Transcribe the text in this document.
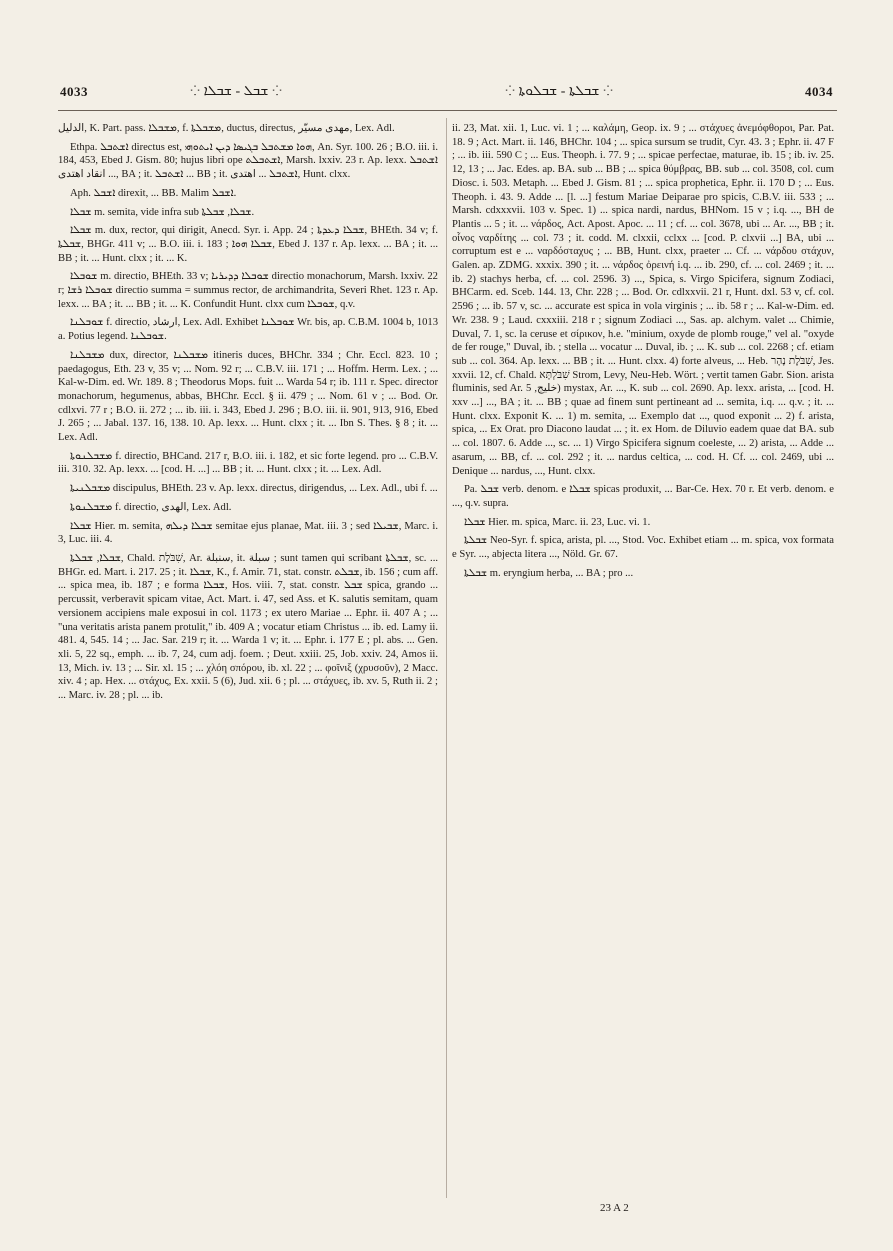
4033	⁘ ܫܒܠ - ܫܒܠܐ ⁘	⁘ ܫܒܠܬܐ - ܫܒܠܘܬܐ ⁘	4034

الدليل, K. Part. pass. ܡܫܒܠܐ, f. ܡܫܒܠܬܐ, ductus, directus, مهدى مسيّر, Lex. Adl.

Ethpa. ܐܫܬܒܠ directus est, ܗܘܐ ܡܫܬܒܠ ܒܓܝܣܐ ܕܝܢ ܐܝܬܘܗܝ, An. Syr. 100. 26 ; B.O. iii. i. 184, 453, Ebed J. Gism. 80; hujus libri ope ܐܫܬܒܠܬ, Marsh. lxxiv. 23 r. Ap. lexx. ܐܫܬܒܠ ... انقاد اهتدى, BA ; it. ܐܫܬܒܠ ... BB ; it. ܐܫܬܒܠ ... اهتدى, Hunt. clxx.

Aph. ܐܫܒܠ direxit, ... BB. Malim ܐܫܒܠ.

ܫܒܠܐ m. semita, vide infra sub ܫܒܠܐ, ܫܒܠܬܐ.

ܫܒܠܐ m. dux, rector, qui dirigit, Anecd. Syr. i. App. 24 ; ܫܒܠܐ ܕܥܕܬܐ, BHEth. 34 v; f. ܫܒܠܬܐ, BHGr. 411 v; ... B.O. iii. i. 183 ; ܫܒܠܐ ܗܘܐ, Ebed J. 137 r. Ap. lexx. ... BA ; it. ... BB ; it. ... Hunt. clxx ; it. ... K.

ܫܘܒܠܐ m. directio, BHEth. 33 v; ܫܘܒܠܐ ܕܕܝܪܝܐ directio monachorum, Marsh. lxxiv. 22 r; ܫܘܒܠܐ ܪܫܐ directio summa = summus rector, de archimandrita, Severi Rhet. 123 r. Ap. lexx. ... BA ; it. ... BB ; it. ... K. Confundit Hunt. clxx cum ܫܘܒܠܐ, q.v.

ܫܘܒܠܢܐ f. directio, ارشاد, Lex. Adl. Exhibet ܫܘܒܠܢܐ Wr. bis, ap. C.B.M. 1004 b, 1013 a. Potius legend. ܫܘܒܠܢܐ.

ܡܫܒܠܢܐ dux, director, ܡܫܒܠܢܐ itineris duces, BHChr. 334 ; Chr. Eccl. 823. 10 ; paedagogus, Eth. 23 v, 35 v; ... Nom. 92 r; ... C.B.V. iii. 171 ; ... Hoffm. Herm. Lex. ; ... Kal-w-Dim. ed. Wr. 189. 8 ; Theodorus Mops. fuit ... Warda 54 r; ib. 111 r. Spec. director monachorum, hegumenus, abbas, BHChr. Eccl. § ii. 479 ; ... Nom. 61 v ; ... Bod. Or. cdlxvi. 77 r ; B.O. ii. 272 ; ... ib. iii. i. 343, Ebed J. 296 ; B.O. iii. ii. 901, 913, 916, Ebed J. 265 ; ... Jabal. 137. 16, 138. 10. Ap. lexx. ... Hunt. clxx ; it. ... Ibn S. Thes. § 8 ; it. ... Lex. Adl.

ܡܫܒܠܢܘܬܐ f. directio, BHCand. 217 r, B.O. iii. i. 182, et sic forte legend. pro ... C.B.V. iii. 310. 32. Ap. lexx. ... [cod. H. ...] ... BB ; it. ... Hunt. clxx ; it. ... Lex. Adl.

ܡܫܒܠܢܝܬܐ discipulus, BHEth. 23 v. Ap. lexx. directus, dirigendus, ... Lex. Adl., ubi f. ...

ܡܫܒܠܢܘܬܐ f. directio, الهدى, Lex. Adl.

ܫܒܠܐ Hier. m. semita, ܫܒܠܐ ܕܝܠܗ semitae ejus planae, Mat. iii. 3 ; sed ܫܒܝܠܐ, Marc. i. 3, Luc. iii. 4.

ܫܒܠܐ, ܫܒܠܬܐ, Chald. שִׁבֹּלֶת, Ar. سنبلة, it. سبلة ; sunt tamen qui scribant ܫܒܠܬܐ, sc. ... BHGr. ed. Mart. i. 217. 25 ; it. ܫܒܠܐ, K., f. Amir. 71, stat. constr. ܫܒܠܬ, ib. 156 ; cum aff. ... spica mea, ib. 187 ; e forma ܫܒܠܐ, Hos. viii. 7, stat. constr. ܫܒܠ spica, grando ... percussit, verberavit spicam vitae, Act. Mart. i. 47, sed Ass. et K. salutis semitam, quam versionem accipiens male exposui in col. 1173 ; ex utero Mariae ... Ephr. ii. 407 A ; ... "una veritatis arista panem protulit," ib. 409 A ; vocatur etiam Christus ... ib. ed. Lamy ii. 481. 4, 545. 14 ; ... Jac. Sar. 219 r; it. ... Warda 1 v; it. ... Ephr. i. 177 E ; pl. abs. ... Gen. xli. 5, 22 sq., emph. ... ib. 7, 24, cum adj. foem. ; Deut. xxiii. 25, Job. xxiv. 24, Amos ii. 13, Mich. iv. 13 ; ... Sir. xl. 15 ; ... χλόη σπόρου, ib. xl. 22 ; ... φοῖνιξ (χρυσοῦν), 2 Macc. xiv. 4 ; ap. Hex. ... στάχυς, Ex. xxii. 5 (6), Jud. xii. 6 ; pl. ... στάχυες, ib. xv. 5, Ruth ii. 2 ; ... Marc. iv. 28 ; pl. ... ib.

ii. 23, Mat. xii. 1, Luc. vi. 1 ; ... καλάμη, Geop. ix. 9 ; ... στάχυες ἀνεμόφθοροι, Par. Pat. 18. 9 ; Act. Mart. ii. 146, BHChr. 104 ; ... spica sursum se trudit, Cyr. 43. 3 ; Ephr. ii. 47 F ; ... ib. iii. 590 C ; ... Eus. Theoph. i. 77. 9 ; ... spicae perfectae, maturae, ib. 15 ; ib. iv. 25. 12, 13 ; ... Jac. Edes. ap. BA. sub ... BB ; ... spica θύμβρας, BB. sub ... col. 3508, col. cum Diosc. i. 503. Metaph. ... Ebed J. Gism. 81 ; ... spica prophetica, Ephr. ii. 170 D ; ... Eus. Theoph. i. 43. 9. Adde ... [l. ...] festum Mariae Deiparae pro spicis, C.B.V. iii. 533 ; ... Marsh. cdxxxvii. 103 v. Spec. 1) ... spica nardi, nardus, BHNom. 15 v ; i.q. ..., BH de Plantis ... 5 ; it. ... νάρδος, Act. Apost. Apoc. ... 11 ; cf. ... col. 3678, ubi ... Ar. ..., BB ; it. οἶνος ναρδίτης ... col. 73 ; it. codd. M. clxxii, cclxx ... [cod. P. clxvii ...] BA, ubi ... corruptum est e ... ναρδόσταχυς ; ... BB, Hunt. clxx, praeter ... Cf. ... νάρδου στάχυν, Galen. ap. ZDMG. xxxix. 390 ; it. ... νάρδος ὀρεινή i.q. ... ib. 290, cf. ... col. 2469 ; it. ... ib. 2) stachys herba, cf. ... col. 2596. 3) ..., Spica, s. Virgo Spicifera, signum Zodiaci, BHCarm. ed. Sceb. 144. 13, Chr. 228 ; ... Bod. Or. cdlxxvii. 21 r, Hunt. dxl. 53 v, cf. col. 2596 ; ... ib. 57 v, sc. ... accurate est spica in vola virginis ; ... ib. 58 r ; ... Kal-w-Dim. ed. Wr. 238. 9 ; Laud. cxxxiii. 218 r ; signum Zodiaci ..., Sas. ap. alchym. valet ... Chimie, Duval, 7. 1, sc. la ceruse et σίρικον, h.e. "minium, oxyde de plomb rouge," vel al. "oxyde de fer rouge," Duval, ib. ; stella ... vocatur ... Duval, ib. ; ... K. sub ... col. 2268 ; cf. etiam sub ... col. 364. Ap. lexx. ... BB ; it. ... Hunt. clxx. 4) forte alveus, ... Heb. שִׁבֹּלֶת נָהָר, Jes. xxvii. 12, cf. Chald. שִׁבֹּלְתָּא Strom, Levy, Neu-Heb. Wört. ; vertit tamen Gabr. Sion. arista fluminis, sed Ar. خليج, 5) mystax, Ar. ..., K. sub ... col. 2690. Ap. lexx. arista, ... [cod. H. xxv ...] ..., BA ; it. ... BB ; quae ad finem sunt pertineant ad ... semita, i.q. ... q.v. ; it. ... Hunt. clxx. Exponit K. ... 1) m. semita, ... Exemplo dat ..., quod exponit ... 2) f. arista, spica, ... Ex Orat. pro Diacono laudat ... ; it. ex Hom. de Diluvio eadem quae dat BA. sub ... col. 1807. 6. Adde ..., sc. ... 1) Virgo Spicifera signum coeleste, ... 2) arista, ... Adde ... asarum, ... BB, cf. ... col. 292 ; it. ... nardus celtica, ... cod. H. Cf. ... col. 2469, ubi ... Denique ... nardus, ..., Hunt. clxx.

Pa. ܫܒܠ verb. denom. e ܫܒܠܐ spicas produxit, ... Bar-Ce. Hex. 70 r. Et verb. denom. e ..., q.v. supra.

ܫܒܠܐ Hier. m. spica, Marc. ii. 23, Luc. vi. 1.

ܫܒܠܬܐ Neo-Syr. f. spica, arista, pl. ..., Stod. Voc. Exhibet etiam ... m. spica, vox formata e Syr. ..., abjecta litera ..., Nöld. Gr. 67.

ܫܒܠܬܐ m. eryngium herba, ... BA ; pro ...

23 A 2
